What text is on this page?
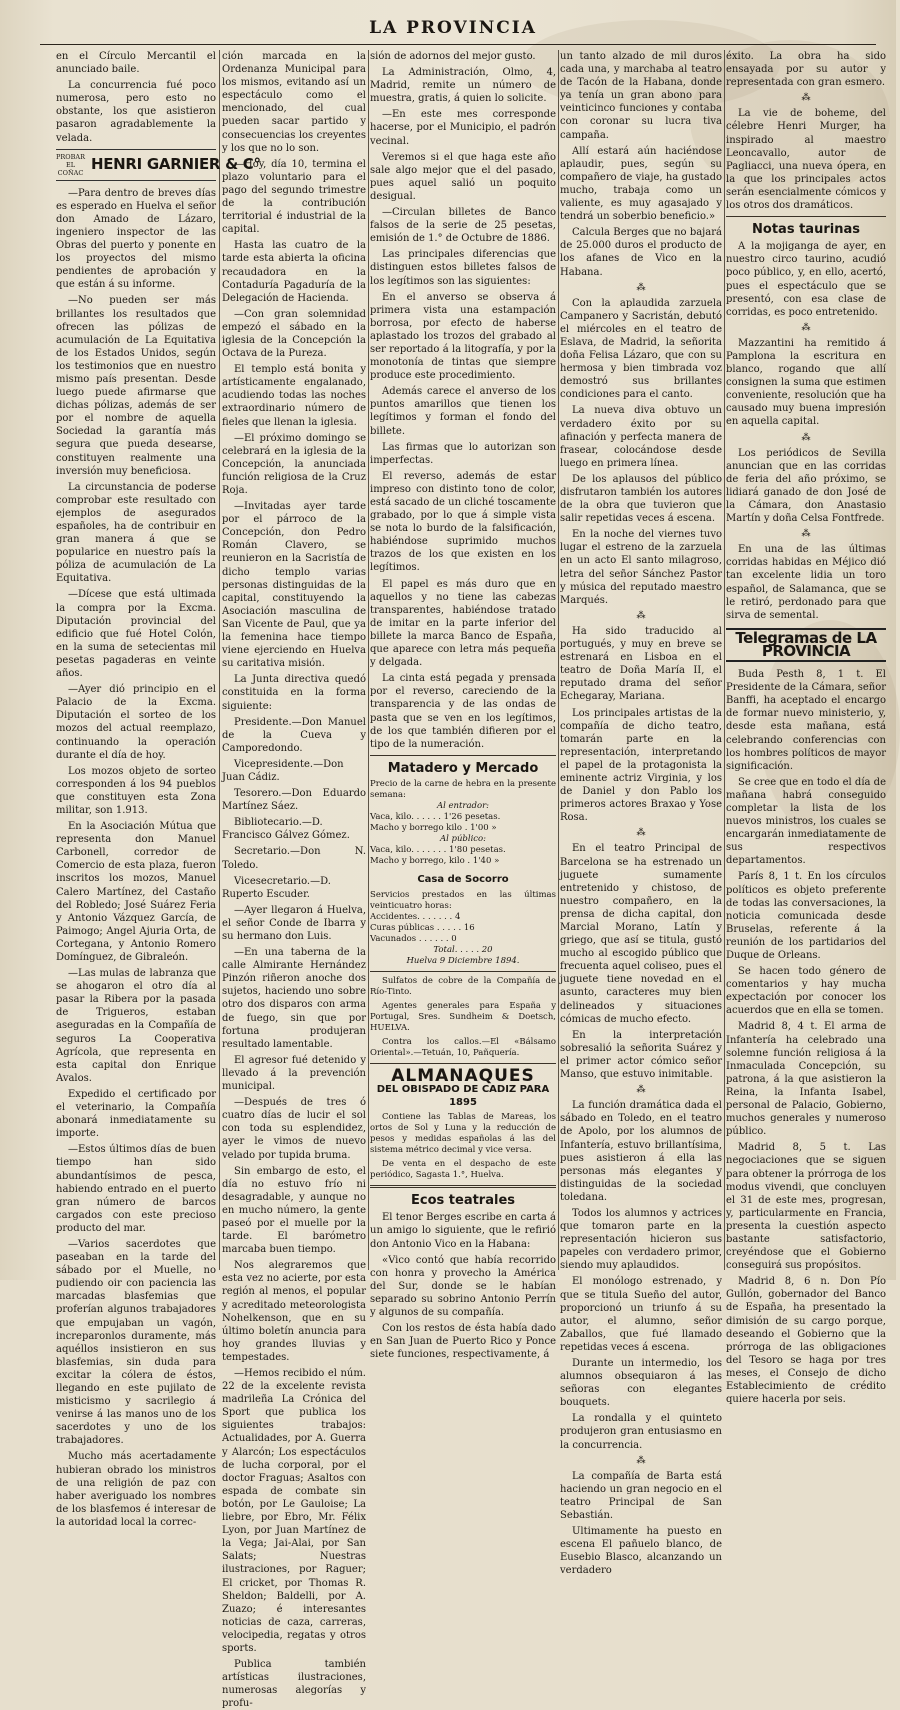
LA PROVINCIA

en el Círculo Mercantil el anunciado baile.

La concurrencia fué poco numerosa, pero esto no obstante, los que asistieron pasaron agradablemente la velada.

PROBAR EL COÑAC HENRI GARNIER & C°

—Para dentro de breves días es esperado en Huelva el señor don Amado de Lázaro, ingeniero inspector de las Obras del puerto y ponente en los proyectos del mismo pendientes de aprobación y que están á su informe.

—No pueden ser más brillantes los resultados que ofrecen las pólizas de acumulación de La Equitativa de los Estados Unidos, según los testimonios que en nuestro mismo país presentan. Desde luego puede afirmarse que dichas pólizas, además de ser por el nombre de aquella Sociedad la garantía más segura que pueda desearse, constituyen realmente una inversión muy beneficiosa.

La circunstancia de poderse comprobar este resultado con ejemplos de asegurados españoles, ha de contribuir en gran manera á que se popularice en nuestro país la póliza de acumulación de La Equitativa.

—Dícese que está ultimada la compra por la Excma. Diputación provincial del edificio que fué Hotel Colón, en la suma de setecientas mil pesetas pagaderas en veinte años.

—Ayer dió principio en el Palacio de la Excma. Diputación el sorteo de los mozos del actual reemplazo, continuando la operación durante el día de hoy.

Los mozos objeto de sorteo corresponden á los 94 pueblos que constituyen esta Zona militar, son 1.913.

En la Asociación Mútua que representa don Manuel Carbonell, corredor de Comercio de esta plaza, fueron inscritos los mozos, Manuel Calero Martínez, del Castaño del Robledo; José Suárez Feria y Antonio Vázquez García, de Paimogo; Angel Ajuria Orta, de Cortegana, y Antonio Romero Domínguez, de Gibraleón.

—Las mulas de labranza que se ahogaron el otro día al pasar la Ribera por la pasada de Trigueros, estaban aseguradas en la Compañía de seguros La Cooperativa Agrícola, que representa en esta capital don Enrique Avalos.

Expedido el certificado por el veterinario, la Compañía abonará inmediatamente su importe.

—Estos últimos días de buen tiempo han sido abundantísimos de pesca, habiendo entrado en el puerto gran número de barcos cargados con este precioso producto del mar.

—Varios sacerdotes que paseaban en la tarde del sábado por el Muelle, no pudiendo oir con paciencia las marcadas blasfemias que proferían algunos trabajadores que empujaban un vagón, increparonlos duramente, más aquéllos insistieron en sus blasfemias, sin duda para excitar la cólera de éstos, llegando en este pujilato de misticismo y sacrilegio á venirse á las manos uno de los sacerdotes y uno de los trabajadores.

Mucho más acertadamente hubieran obrado los ministros de una religión de paz con haber averiguado los nombres de los blasfemos é interesar de la autoridad local la correc-

ción marcada en la Ordenanza Municipal para los mismos, evitando así un espectáculo como el mencionado, del cual pueden sacar partido y consecuencias los creyentes y los que no lo son.

—Hoy, día 10, termina el plazo voluntario para el pago del segundo trimestre de la contribución territorial é industrial de la capital.

Hasta las cuatro de la tarde esta abierta la oficina recaudadora en la Contaduría Pagaduría de la Delegación de Hacienda.

—Con gran solemnidad empezó el sábado en la iglesia de la Concepción la Octava de la Pureza.

El templo está bonita y artísticamente engalanado, acudiendo todas las noches extraordinario número de fieles que llenan la iglesia.

—El próximo domingo se celebrará en la iglesia de la Concepción, la anunciada función religiosa de la Cruz Roja.

—Invitadas ayer tarde por el párroco de la Concepción, don Pedro Román Clavero, se reunieron en la Sacristía de dicho templo varias personas distinguidas de la capital, constituyendo la Asociación masculina de San Vicente de Paul, que ya la femenina hace tiempo viene ejerciendo en Huelva su caritativa misión.

La Junta directiva quedó constituida en la forma siguiente:

Presidente.—Don Manuel de la Cueva y Camporedondo.

Vicepresidente.—Don Juan Cádiz.

Tesorero.—Don Eduardo Martínez Sáez.

Bibliotecario.—D. Francisco Gálvez Gómez.

Secretario.—Don N. Toledo.

Vicesecretario.—D. Ruperto Escuder.

—Ayer llegaron á Huelva, el señor Conde de Ibarra y su hermano don Luis.

—En una taberna de la calle Almirante Hernández Pinzón riñeron anoche dos sujetos, haciendo uno sobre otro dos disparos con arma de fuego, sin que por fortuna produjeran resultado lamentable.

El agresor fué detenido y llevado á la prevención municipal.

—Después de tres ó cuatro días de lucir el sol con toda su esplendidez, ayer le vimos de nuevo velado por tupida bruma.

Sin embargo de esto, el día no estuvo frío ni desagradable, y aunque no en mucho número, la gente paseó por el muelle por la tarde. El barómetro marcaba buen tiempo.

Nos alegraremos que esta vez no acierte, por esta región al menos, el popular y acreditado meteorologista Nohelkenson, que en su último boletín anuncia para hoy grandes lluvias y tempestades.

—Hemos recibido el núm. 22 de la excelente revista madrileña La Crónica del Sport que publica los siguientes trabajos: Actualidades, por A. Guerra y Alarcón; Los espectáculos de lucha corporal, por el doctor Fraguas; Asaltos con espada de combate sin botón, por Le Gauloise; La liebre, por Ebro, Mr. Félix Lyon, por Juan Martínez de la Vega; Jai-Alai, por San Salats; Nuestras ilustraciones, por Raguer; El cricket, por Thomas R. Sheldon; Baldelli, por A. Zuazo; é interesantes noticias de caza, carreras, velocipedia, regatas y otros sports.

Publica también artísticas ilustraciones, numerosas alegorías y profu-

sión de adornos del mejor gusto.

La Administración, Olmo, 4, Madrid, remite un número de muestra, gratis, á quien lo solicite.

—En este mes corresponde hacerse, por el Municipio, el padrón vecinal.

Veremos si el que haga este año sale algo mejor que el del pasado, pues aquel salió un poquito desigual.

—Circulan billetes de Banco falsos de la serie de 25 pesetas, emisión de 1.° de Octubre de 1886.

Las principales diferencias que distinguen estos billetes falsos de los legítimos son las siguientes:

En el anverso se observa á primera vista una estampación borrosa, por efecto de haberse aplastado los trozos del grabado al ser reportado á la litografía, y por la monotonía de tintas que siempre produce este procedimiento.

Además carece el anverso de los puntos amarillos que tienen los legítimos y forman el fondo del billete.

Las firmas que lo autorizan son imperfectas.

El reverso, además de estar impreso con distinto tono de color, está sacado de un cliché toscamente grabado, por lo que á simple vista se nota lo burdo de la falsificación, habiéndose suprimido muchos trazos de los que existen en los legítimos.

El papel es más duro que en aquellos y no tiene las cabezas transparentes, habiéndose tratado de imitar en la parte inferior del billete la marca Banco de España, que aparece con letra más pequeña y delgada.

La cinta está pegada y prensada por el reverso, careciendo de la transparencia y de las ondas de pasta que se ven en los legítimos, de los que también difieren por el tipo de la numeración.

Matadero y Mercado
Precio de la carne de hebra en la presente semana:
Al entrador:
Vaca, kilo. . . . . . 1'26 pesetas.
Macho y borrego kilo . 1'00 »
Al público:
Vaca, kilo. . . . . . . 1'80 pesetas.
Macho y borrego, kilo . 1'40 »
Casa de Socorro
Servicios prestados en las últimas veinticuatro horas:
Accidentes. . . . . . . 4
Curas públicas . . . . . 16
Vacunados . . . . . . 0
Total. . . . . 20
Huelva 9 Diciembre 1894.

Sulfatos de cobre de la Compañía de Río-Tinto.

Agentes generales para España y Portugal, Sres. Sundheim & Doetsch, HUELVA.

Contra los callos.—El «Bálsamo Oriental».—Tetuán, 10, Pañquería.

ALMANAQUES
DEL OBISPADO DE CADIZ PARA 1895

Contiene las Tablas de Mareas, los ortos de Sol y Luna y la reducción de pesos y medidas españolas á las del sistema métrico decimal y vice versa.

De venta en el despacho de este periódico, Sagasta 1.°, Huelva.

Ecos teatrales

El tenor Berges escribe en carta á un amigo lo siguiente, que le refirió don Antonio Vico en la Habana:

«Vico contó que había recorrido con honra y provecho la América del Sur, donde se le habían separado su sobrino Antonio Perrín y algunos de su compañía.

Con los restos de ésta había dado en San Juan de Puerto Rico y Ponce siete funciones, respectivamente, á

un tanto alzado de mil duros cada una, y marchaba al teatro de Tacón de la Habana, donde ya tenía un gran abono para veinticinco funciones y contaba con coronar su lucra tiva campaña.

Allí estará aún haciéndose aplaudir, pues, según su compañero de viaje, ha gustado mucho, trabaja como un valiente, es muy agasajado y tendrá un soberbio beneficio.»

Calcula Berges que no bajará de 25.000 duros el producto de los afanes de Vico en la Habana.

⁂

Con la aplaudida zarzuela Campanero y Sacristán, debutó el miércoles en el teatro de Eslava, de Madrid, la señorita doña Felisa Lázaro, que con su hermosa y bien timbrada voz demostró sus brillantes condiciones para el canto.

La nueva diva obtuvo un verdadero éxito por su afinación y perfecta manera de frasear, colocándose desde luego en primera línea.

De los aplausos del público disfrutaron también los autores de la obra que tuvieron que salir repetidas veces á escena.

En la noche del viernes tuvo lugar el estreno de la zarzuela en un acto El santo milagroso, letra del señor Sánchez Pastor y música del reputado maestro Marqués.

⁂

Ha sido traducido al portugués, y muy en breve se estrenará en Lisboa en el teatro de Doña María II, el reputado drama del señor Echegaray, Mariana.

Los principales artistas de la compañía de dicho teatro, tomarán parte en la representación, interpretando el papel de la protagonista la eminente actriz Virginia, y los de Daniel y don Pablo los primeros actores Braxao y Yose Rosa.

⁂

En el teatro Principal de Barcelona se ha estrenado un juguete sumamente entretenido y chistoso, de nuestro compañero, en la prensa de dicha capital, don Marcial Morano, Latín y griego, que así se titula, gustó mucho al escogido público que frecuenta aquel coliseo, pues el juguete tiene novedad en el asunto, caracteres muy bien delineados y situaciones cómicas de mucho efecto.

En la interpretación sobresalió la señorita Suárez y el primer actor cómico señor Manso, que estuvo inimitable.

⁂

La función dramática dada el sábado en Toledo, en el teatro de Apolo, por los alumnos de Infantería, estuvo brillantísima, pues asistieron á ella las personas más elegantes y distinguidas de la sociedad toledana.

Todos los alumnos y actrices que tomaron parte en la representación hicieron sus papeles con verdadero primor, siendo muy aplaudidos.

El monólogo estrenado, y que se titula Sueño del autor, proporcionó un triunfo á su autor, el alumno, señor Zaballos, que fué llamado repetidas veces á escena.

Durante un intermedio, los alumnos obsequiaron á las señoras con elegantes bouquets.

La rondalla y el quinteto produjeron gran entusiasmo en la concurrencia.

⁂

La compañía de Barta está haciendo un gran negocio en el teatro Principal de San Sebastián.

Ultimamente ha puesto en escena El pañuelo blanco, de Eusebio Blasco, alcanzando un verdadero

éxito. La obra ha sido ensayada por su autor y representada con gran esmero.

⁂

La vie de boheme, del célebre Henri Murger, ha inspirado al maestro Leoncavallo, autor de Pagliacci, una nueva ópera, en la que los principales actos serán esencialmente cómicos y los otros dos dramáticos.

Notas taurinas

A la mojiganga de ayer, en nuestro circo taurino, acudió poco público, y, en ello, acertó, pues el espectáculo que se presentó, con esa clase de corridas, es poco entretenido.

⁂

Mazzantini ha remitido á Pamplona la escritura en blanco, rogando que allí consignen la suma que estimen conveniente, resolución que ha causado muy buena impresión en aquella capital.

⁂

Los periódicos de Sevilla anuncian que en las corridas de feria del año próximo, se lidiará ganado de don José de la Cámara, don Anastasio Martín y doña Celsa Fontfrede.

⁂

En una de las últimas corridas habidas en Méjico dió tan excelente lidia un toro español, de Salamanca, que se le retiró, perdonado para que sirva de semental.

Telegramas de LA PROVINCIA

Buda Pesth 8, 1 t. El Presidente de la Cámara, señor Banffi, ha aceptado el encargo de formar nuevo ministerio, y, desde esta mañana, está celebrando conferencias con los hombres políticos de mayor significación.

Se cree que en todo el día de mañana habrá conseguido completar la lista de los nuevos ministros, los cuales se encargarán inmediatamente de sus respectivos departamentos.

París 8, 1 t. En los círculos políticos es objeto preferente de todas las conversaciones, la noticia comunicada desde Bruselas, referente á la reunión de los partidarios del Duque de Orleans.

Se hacen todo género de comentarios y hay mucha expectación por conocer los acuerdos que en ella se tomen.

Madrid 8, 4 t. El arma de Infantería ha celebrado una solemne función religiosa á la Inmaculada Concepción, su patrona, á la que asistieron la Reina, la Infanta Isabel, personal de Palacio, Gobierno, muchos generales y numeroso público.

Madrid 8, 5 t. Las negociaciones que se siguen para obtener la prórroga de los modus vivendi, que concluyen el 31 de este mes, progresan, y, particularmente en Francia, presenta la cuestión aspecto bastante satisfactorio, creyéndose que el Gobierno conseguirá sus propósitos.

Madrid 8, 6 n. Don Pío Gullón, gobernador del Banco de España, ha presentado la dimisión de su cargo porque, deseando el Gobierno que la prórroga de las obligaciones del Tesoro se haga por tres meses, el Consejo de dicho Establecimiento de crédito quiere hacerla por seis.
